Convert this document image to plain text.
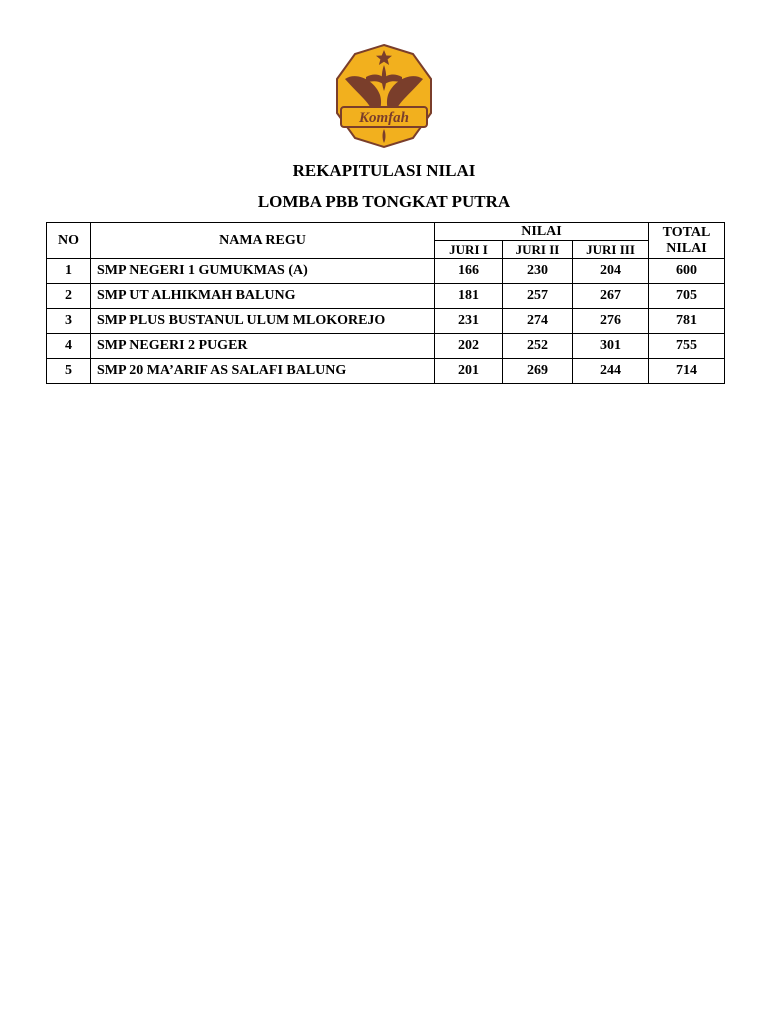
Komfah
REKAPITULASI NILAI
LOMBA PBB TONGKAT PUTRA
NO	NAMA REGU	NILAI			TOTAL
NILAI

		JURI I	JURI II	JURI III	
1	SMP NEGERI 1 GUMUKMAS (A)	166	230	204	600
2	SMP UT ALHIKMAH BALUNG	181	257	267	705
3	SMP PLUS BUSTANUL ULUM MLOKOREJO	231	274	276	781
4	SMP NEGERI 2 PUGER	202	252	301	755
5	SMP 20 MA’ARIF AS SALAFI BALUNG	201	269	244	714
